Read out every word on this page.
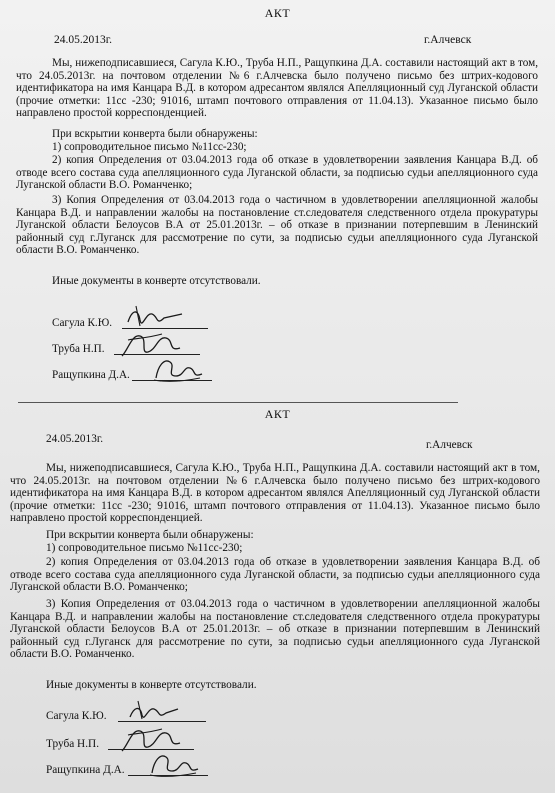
АКТ
24.05.2013г.	г.Алчевск

Мы, нижеподписавшиеся, Сагула К.Ю., Труба Н.П., Ращупкина Д.А. составили настоящий акт в том, что 24.05.2013г. на почтовом отделении №6 г.Алчевска было получено письмо без штрих-кодового идентификатора на имя Канцара В.Д. в котором адресантом являлся Апелляционный суд Луганской области (прочие отметки: 11сс -230; 91016, штамп почтового отправления от 11.04.13). Указанное письмо было направлено простой корреспонденцией.

При вскрытии конверта были обнаружены:

1) сопроводительное письмо №11сс-230;

2) копия Определения от 03.04.2013 года об отказе в удовлетворении заявления Канцара В.Д. об отводе всего состава суда апелляционного суда Луганской области, за подписью судьи апелляционного суда Луганской области В.О. Романченко;

3) Копия Определения от 03.04.2013 года о частичном в удовлетворении апелляционной жалобы Канцара В.Д. и направлении жалобы на постановление ст.следователя следственного отдела прокуратуры Луганской области Белоусов В.А от 25.01.2013г. – об отказе в признании потерпевшим в Ленинский районный суд г.Луганск для рассмотрение по сути, за подписью судьи апелляционного суда Луганской области В.О. Романченко.

Иные документы в конверте отсутствовали.

Сагула К.Ю.
Труба Н.П.
Ращупкина Д.А.
АКТ
24.05.2013г.	г.Алчевск

Мы, нижеподписавшиеся, Сагула К.Ю., Труба Н.П., Ращупкина Д.А. составили настоящий акт в том, что 24.05.2013г. на почтовом отделении №6 г.Алчевска было получено письмо без штрих-кодового идентификатора на имя Канцара В.Д. в котором адресантом являлся Апелляционный суд Луганской области (прочие отметки: 11сс -230; 91016, штамп почтового отправления от 11.04.13). Указанное письмо было направлено простой корреспонденцией.

При вскрытии конверта были обнаружены:

1) сопроводительное письмо №11сс-230;

2) копия Определения от 03.04.2013 года об отказе в удовлетворении заявления Канцара В.Д. об отводе всего состава суда апелляционного суда Луганской области, за подписью судьи апелляционного суда Луганской области В.О. Романченко;

3) Копия Определения от 03.04.2013 года о частичном в удовлетворении апелляционной жалобы Канцара В.Д. и направлении жалобы на постановление ст.следователя следственного отдела прокуратуры Луганской области Белоусов В.А от 25.01.2013г. – об отказе в признании потерпевшим в Ленинский районный суд г.Луганск для рассмотрение по сути, за подписью судьи апелляционного суда Луганской области В.О. Романченко.

Иные документы в конверте отсутствовали.

Сагула К.Ю.
Труба Н.П.
Ращупкина Д.А.
